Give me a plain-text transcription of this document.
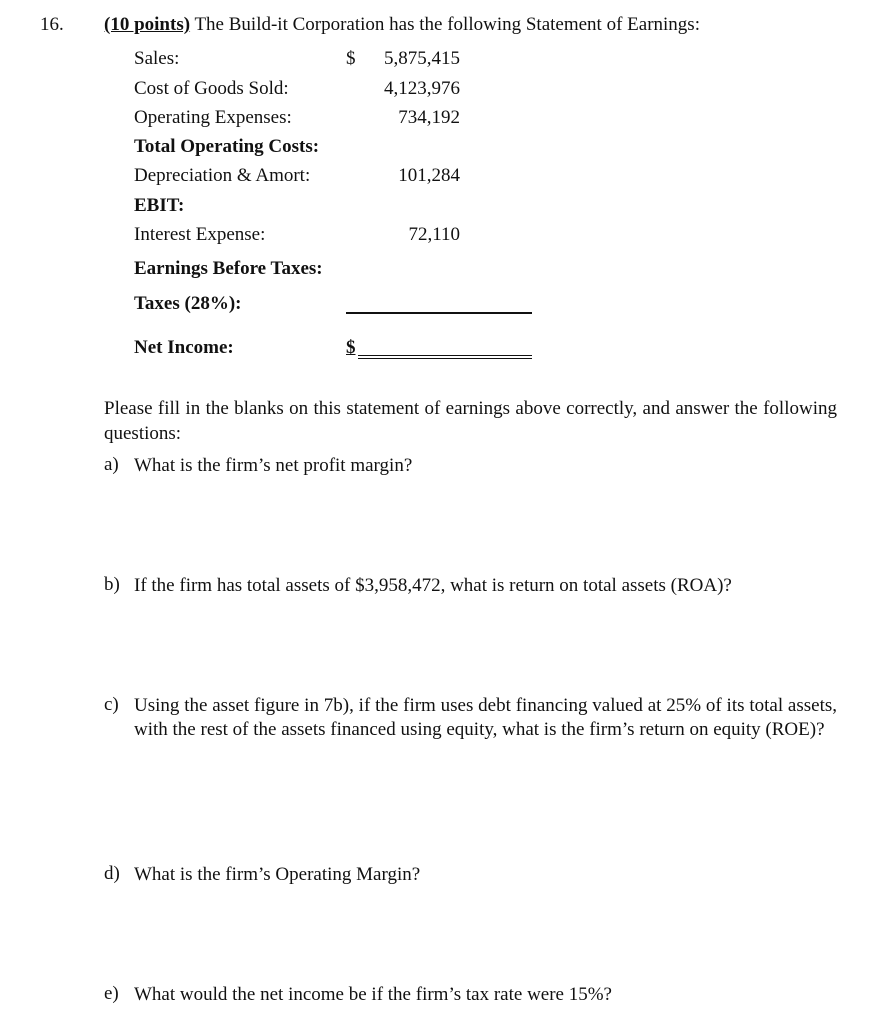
16. (10 points) The Build-it Corporation has the following Statement of Earnings:
Sales:	$	5,875,415
Cost of Goods Sold:	4,123,976
Operating Expenses:	734,192
Total Operating Costs:
Depreciation & Amort:	101,284
EBIT:
Interest Expense:	72,110
Earnings Before Taxes:
Taxes (28%):
Net Income:	$
Please fill in the blanks on this statement of earnings above correctly, and answer the following questions:
a) What is the firm’s net profit margin?
b) If the firm has total assets of $3,958,472, what is return on total assets (ROA)?
c) Using the asset figure in 7b), if the firm uses debt financing valued at 25% of its total assets, with the rest of the assets financed using equity, what is the firm’s return on equity (ROE)?
d) What is the firm’s Operating Margin?
e) What would the net income be if the firm’s tax rate were 15%?
